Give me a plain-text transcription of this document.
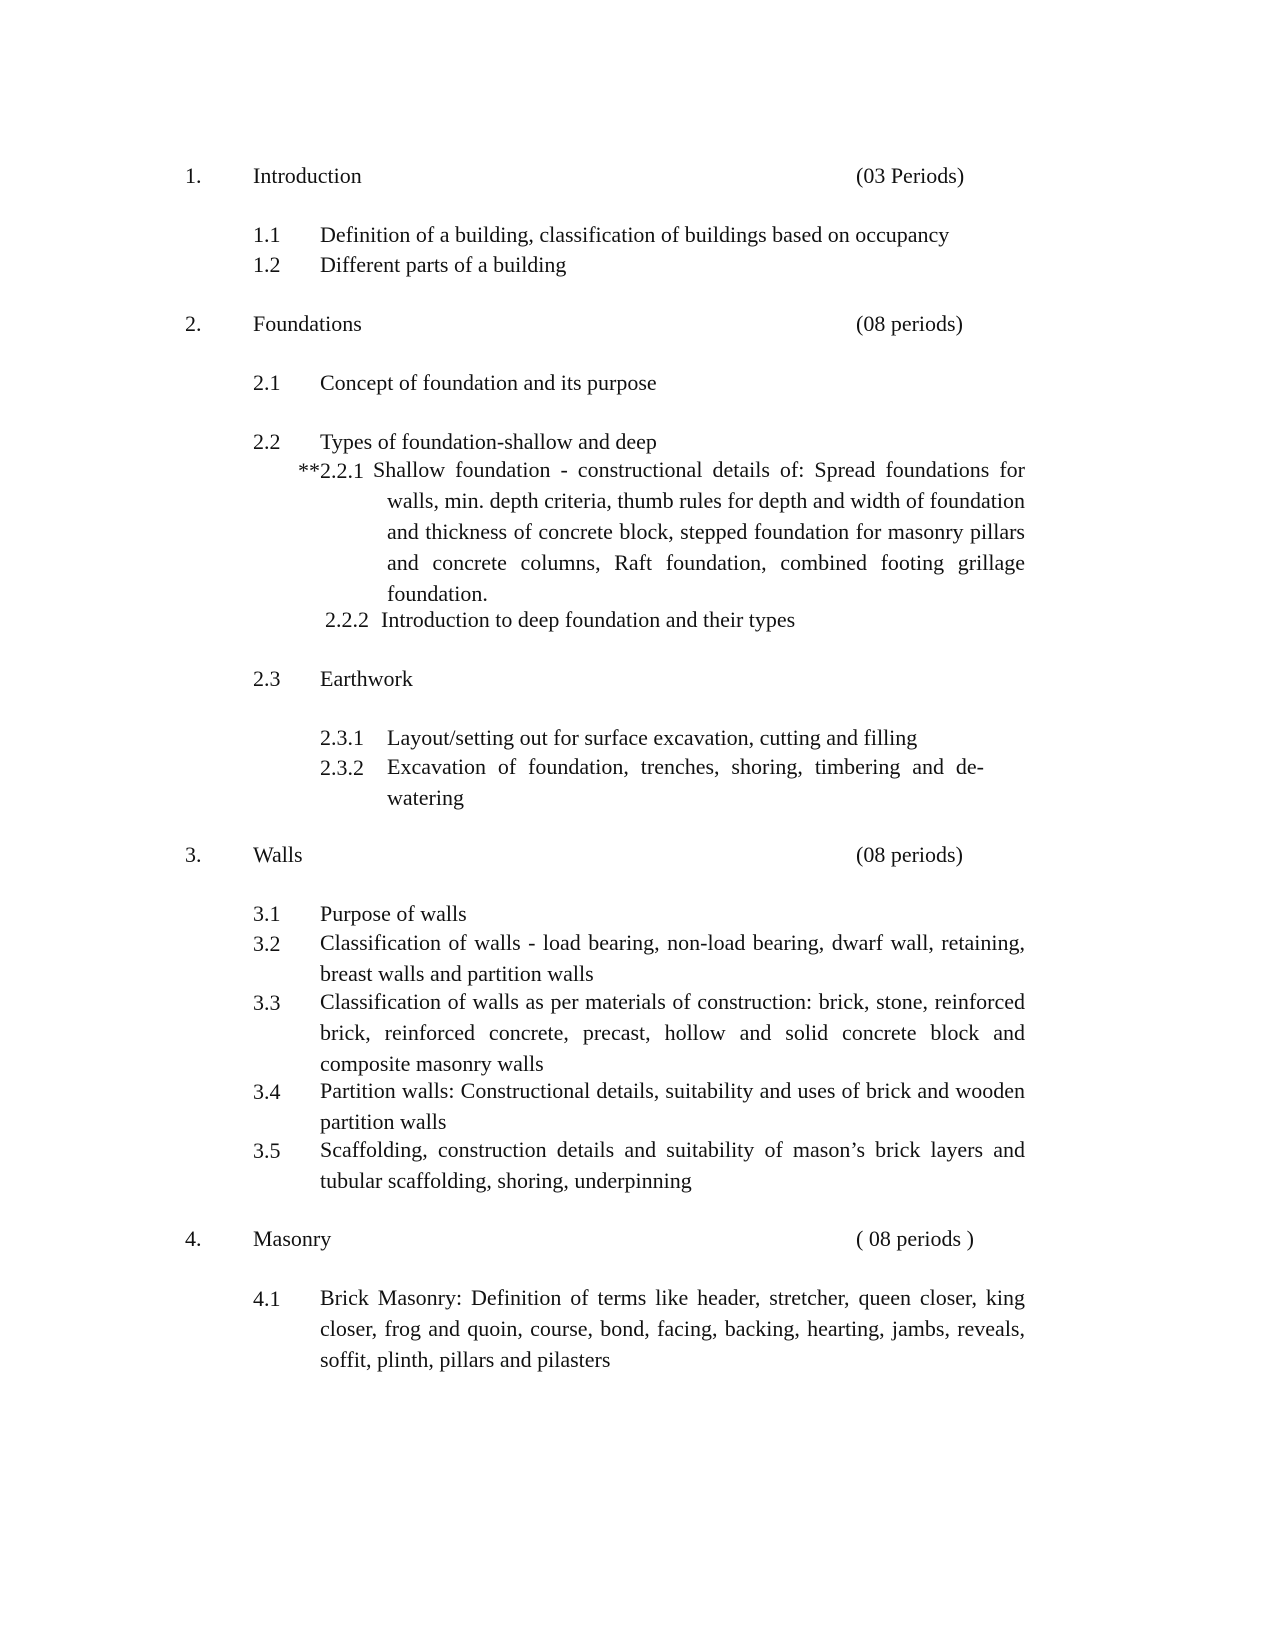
1. Introduction	(03 Periods)
1.1 Definition of a building, classification of buildings based on occupancy
1.2 Different parts of a building
2. Foundations	(08 periods)
2.1 Concept of foundation and its purpose
2.2 Types of foundation-shallow and deep
**2.2.1 Shallow foundation - constructional details of: Spread foundations for walls, min. depth criteria, thumb rules for depth and width of foundation and thickness of concrete block, stepped foundation for masonry pillars and concrete columns, Raft foundation, combined footing grillage foundation.
2.2.2 Introduction to deep foundation and their types
2.3 Earthwork
2.3.1 Layout/setting out for surface excavation, cutting and filling
2.3.2 Excavation of foundation, trenches, shoring, timbering and de-watering
3. Walls	(08 periods)
3.1 Purpose of walls
3.2 Classification of walls - load bearing, non-load bearing, dwarf wall, retaining, breast walls and partition walls
3.3 Classification of walls as per materials of construction: brick, stone, reinforced brick, reinforced concrete, precast, hollow and solid concrete block and composite masonry walls
3.4 Partition walls: Constructional details, suitability and uses of brick and wooden partition walls
3.5 Scaffolding, construction details and suitability of mason’s brick layers and tubular scaffolding, shoring, underpinning
4. Masonry	( 08 periods )
4.1 Brick Masonry: Definition of terms like header, stretcher, queen closer, king closer, frog and quoin, course, bond, facing, backing, hearting, jambs, reveals, soffit, plinth, pillars and pilasters
